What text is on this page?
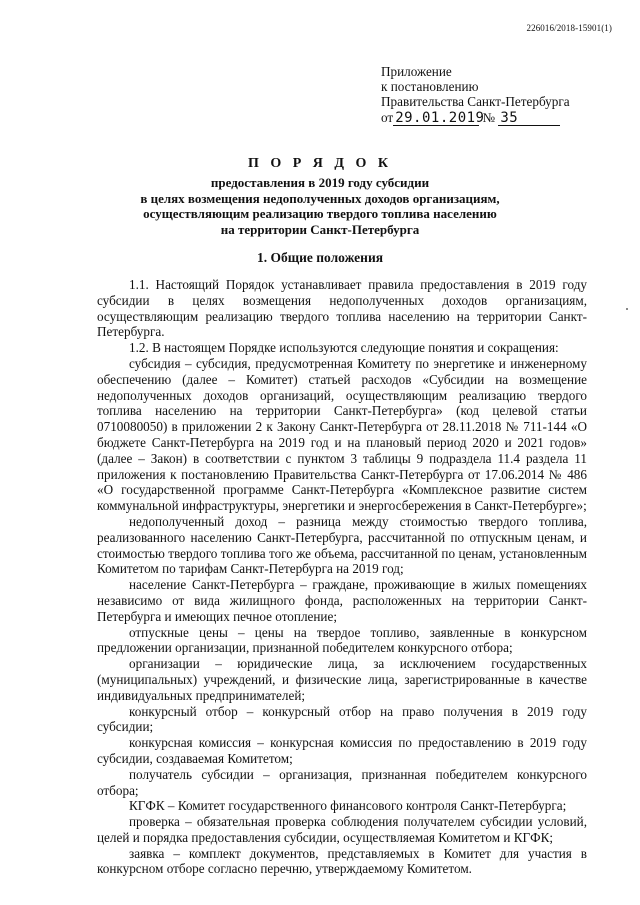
226016/2018-15901(1)
Приложение
к постановлению
Правительства Санкт-Петербурга
от 29.01.2019 № 35
П О Р Я Д О К
предоставления в 2019 году субсидии
в целях возмещения недополученных доходов организациям,
осуществляющим реализацию твердого топлива населению
на территории Санкт-Петербурга
1. Общие положения

1.1. Настоящий Порядок устанавливает правила предоставления в 2019 году субсидии в целях возмещения недополученных доходов организациям, осуществляющим реализацию твердого топлива населению на территории Санкт-Петербурга.

1.2. В настоящем Порядке используются следующие понятия и сокращения:

субсидия – субсидия, предусмотренная Комитету по энергетике и инженерному обеспечению (далее – Комитет) статьей расходов «Субсидии на возмещение недополученных доходов организаций, осуществляющим реализацию твердого топлива населению на территории Санкт-Петербурга» (код целевой статьи 0710080050) в приложении 2 к Закону Санкт-Петербурга от 28.11.2018 № 711-144 «О бюджете Санкт-Петербурга на 2019 год и на плановый период 2020 и 2021 годов» (далее – Закон) в соответствии с пунктом 3 таблицы 9 подраздела 11.4 раздела 11 приложения к постановлению Правительства Санкт-Петербурга от 17.06.2014 № 486 «О государственной программе Санкт-Петербурга «Комплексное развитие систем коммунальной инфраструктуры, энергетики и энергосбережения в Санкт-Петербурге»;

недополученный доход – разница между стоимостью твердого топлива, реализованного населению Санкт-Петербурга, рассчитанной по отпускным ценам, и стоимостью твердого топлива того же объема, рассчитанной по ценам, установленным Комитетом по тарифам Санкт-Петербурга на 2019 год;

население Санкт-Петербурга – граждане, проживающие в жилых помещениях независимо от вида жилищного фонда, расположенных на территории Санкт-Петербурга и имеющих печное отопление;

отпускные цены – цены на твердое топливо, заявленные в конкурсном предложении организации, признанной победителем конкурсного отбора;

организации – юридические лица, за исключением государственных (муниципальных) учреждений, и физические лица, зарегистрированные в качестве индивидуальных предпринимателей;

конкурсный отбор – конкурсный отбор на право получения в 2019 году субсидии;

конкурсная комиссия – конкурсная комиссия по предоставлению в 2019 году субсидии, создаваемая Комитетом;

получатель субсидии – организация, признанная победителем конкурсного отбора;

КГФК – Комитет государственного финансового контроля Санкт-Петербурга;

проверка – обязательная проверка соблюдения получателем субсидии условий, целей и порядка предоставления субсидии, осуществляемая Комитетом и КГФК;

заявка – комплект документов, представляемых в Комитет для участия в конкурсном отборе согласно перечню, утверждаемому Комитетом.
